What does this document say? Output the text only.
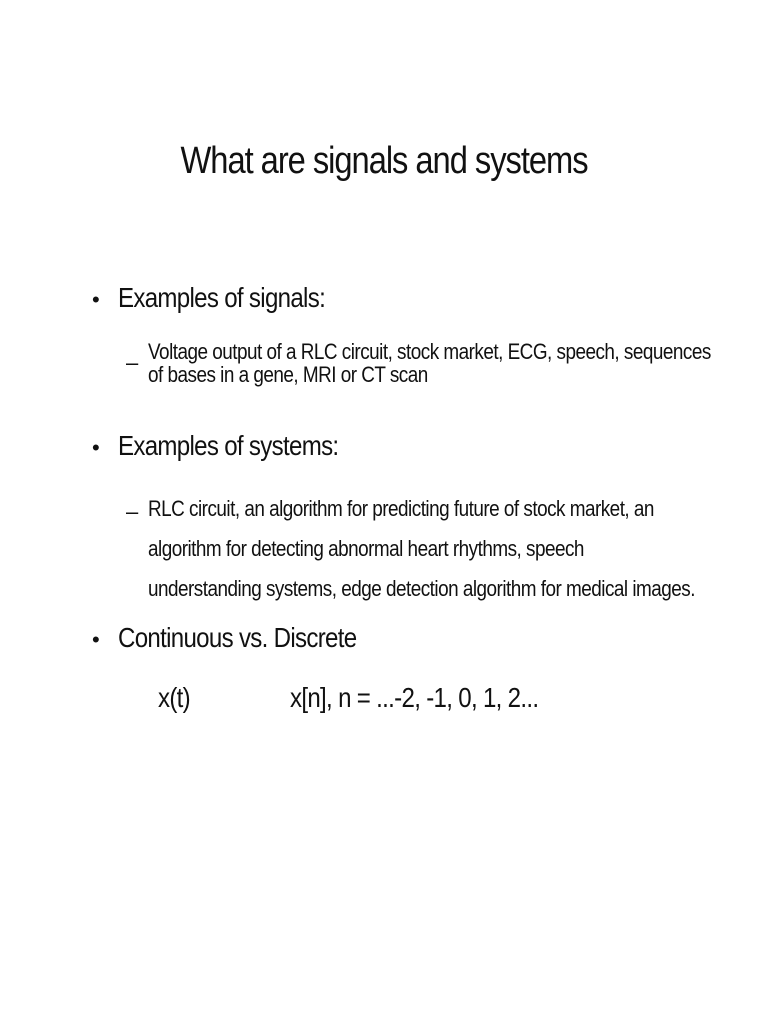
What are signals and systems
• Examples of signals:
– Voltage output of a RLC circuit, stock market, ECG, speech, sequences
of bases in a gene, MRI or CT scan
• Examples of systems:
– RLC circuit, an algorithm for predicting future of stock market, an
algorithm for detecting abnormal heart rhythms, speech
understanding systems, edge detection algorithm for medical images.
• Continuous vs. Discrete
x(t)	x[n], n = ...-2, -1, 0, 1, 2...
